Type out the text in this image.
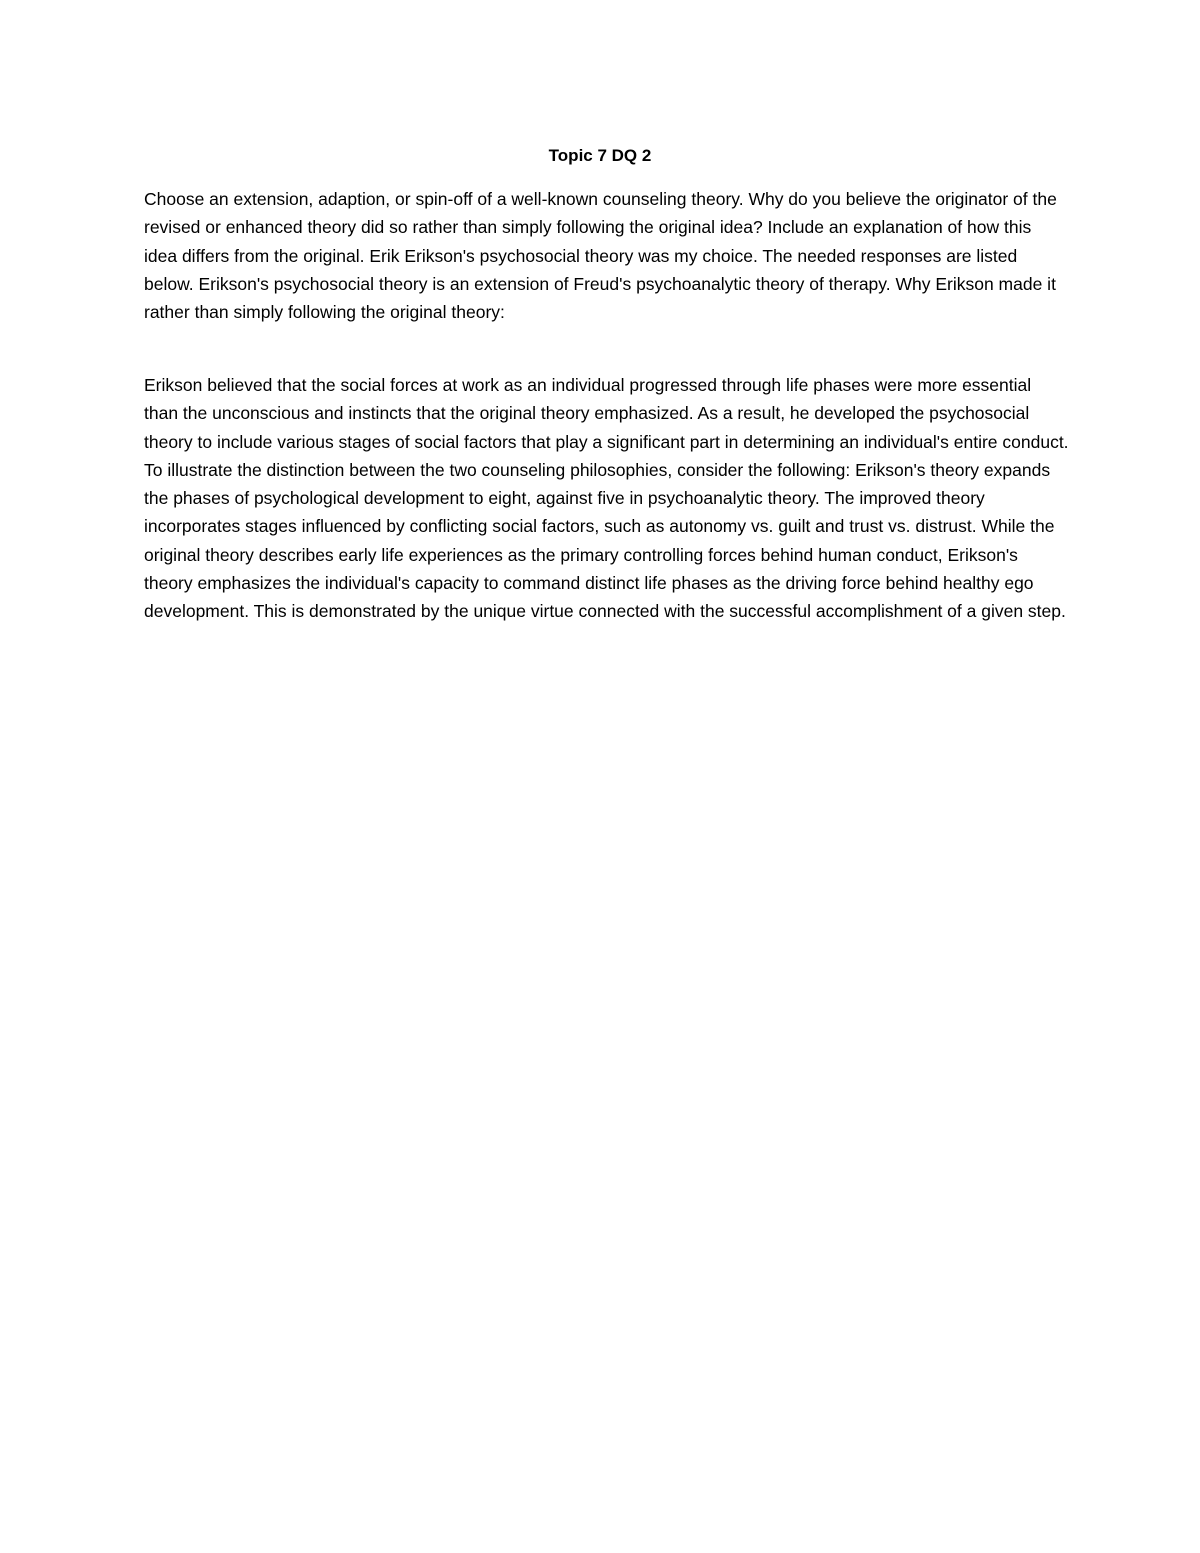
Topic 7 DQ 2

Choose an extension, adaption, or spin-off of a well-known counseling theory. Why do you believe the originator of the revised or enhanced theory did so rather than simply following the original idea? Include an explanation of how this idea differs from the original. Erik Erikson's psychosocial theory was my choice. The needed responses are listed below. Erikson's psychosocial theory is an extension of Freud's psychoanalytic theory of therapy. Why Erikson made it rather than simply following the original theory:

Erikson believed that the social forces at work as an individual progressed through life phases were more essential than the unconscious and instincts that the original theory emphasized. As a result, he developed the psychosocial theory to include various stages of social factors that play a significant part in determining an individual's entire conduct. To illustrate the distinction between the two counseling philosophies, consider the following: Erikson's theory expands the phases of psychological development to eight, against five in psychoanalytic theory. The improved theory incorporates stages influenced by conflicting social factors, such as autonomy vs. guilt and trust vs. distrust. While the original theory describes early life experiences as the primary controlling forces behind human conduct, Erikson's theory emphasizes the individual's capacity to command distinct life phases as the driving force behind healthy ego development. This is demonstrated by the unique virtue connected with the successful accomplishment of a given step.
